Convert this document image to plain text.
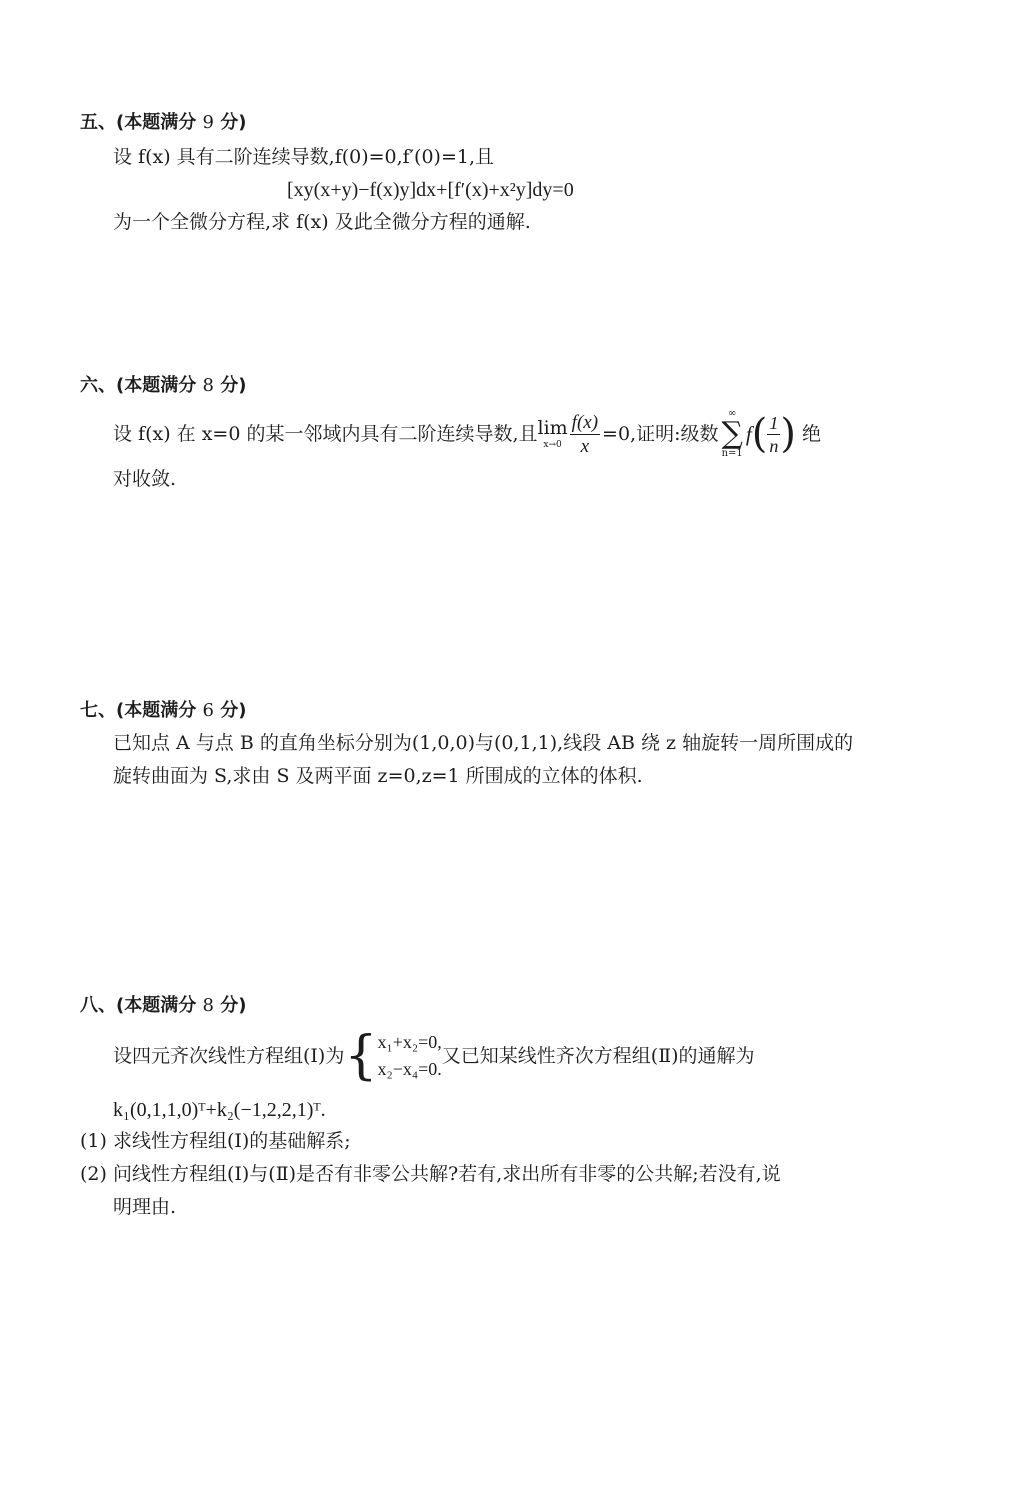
五、(本题满分 9 分)
设 f(x) 具有二阶连续导数,f(0)=0,f′(0)=1,且
[xy(x+y)−f(x)y]dx+[f′(x)+x²y]dy=0
为一个全微分方程,求 f(x) 及此全微分方程的通解.
六、(本题满分 8 分)
设 f(x) 在 x=0 的某一邻域内具有二阶连续导数,且 lim
$x\to 0 \frac{f(x)}{x} =0$,证明:级数
∞
∑
n=1
f ( $\frac{1}{n}$ ) 绝
对收敛.
七、(本题满分 6 分)
已知点 A 与点 B 的直角坐标分别为(1,0,0)与(0,1,1),线段 AB 绕 z 轴旋转一周所围成的
旋转曲面为 S,求由 S 及两平面 z=0,z=1 所围成的立体的体积.
八、(本题满分 8 分)
设四元齐次线性方程组(Ⅰ)为 { x₁+x₂=0,
x₂−x₄=0.
又已知某线性齐次方程组(Ⅱ)的通解为
k₁(0,1,1,0)ᵀ+k₂(−1,2,2,1)ᵀ.
(1) 求线性方程组(Ⅰ)的基础解系;
(2) 问线性方程组(Ⅰ)与(Ⅱ)是否有非零公共解?若有,求出所有非零的公共解;若没有,说
明理由.
